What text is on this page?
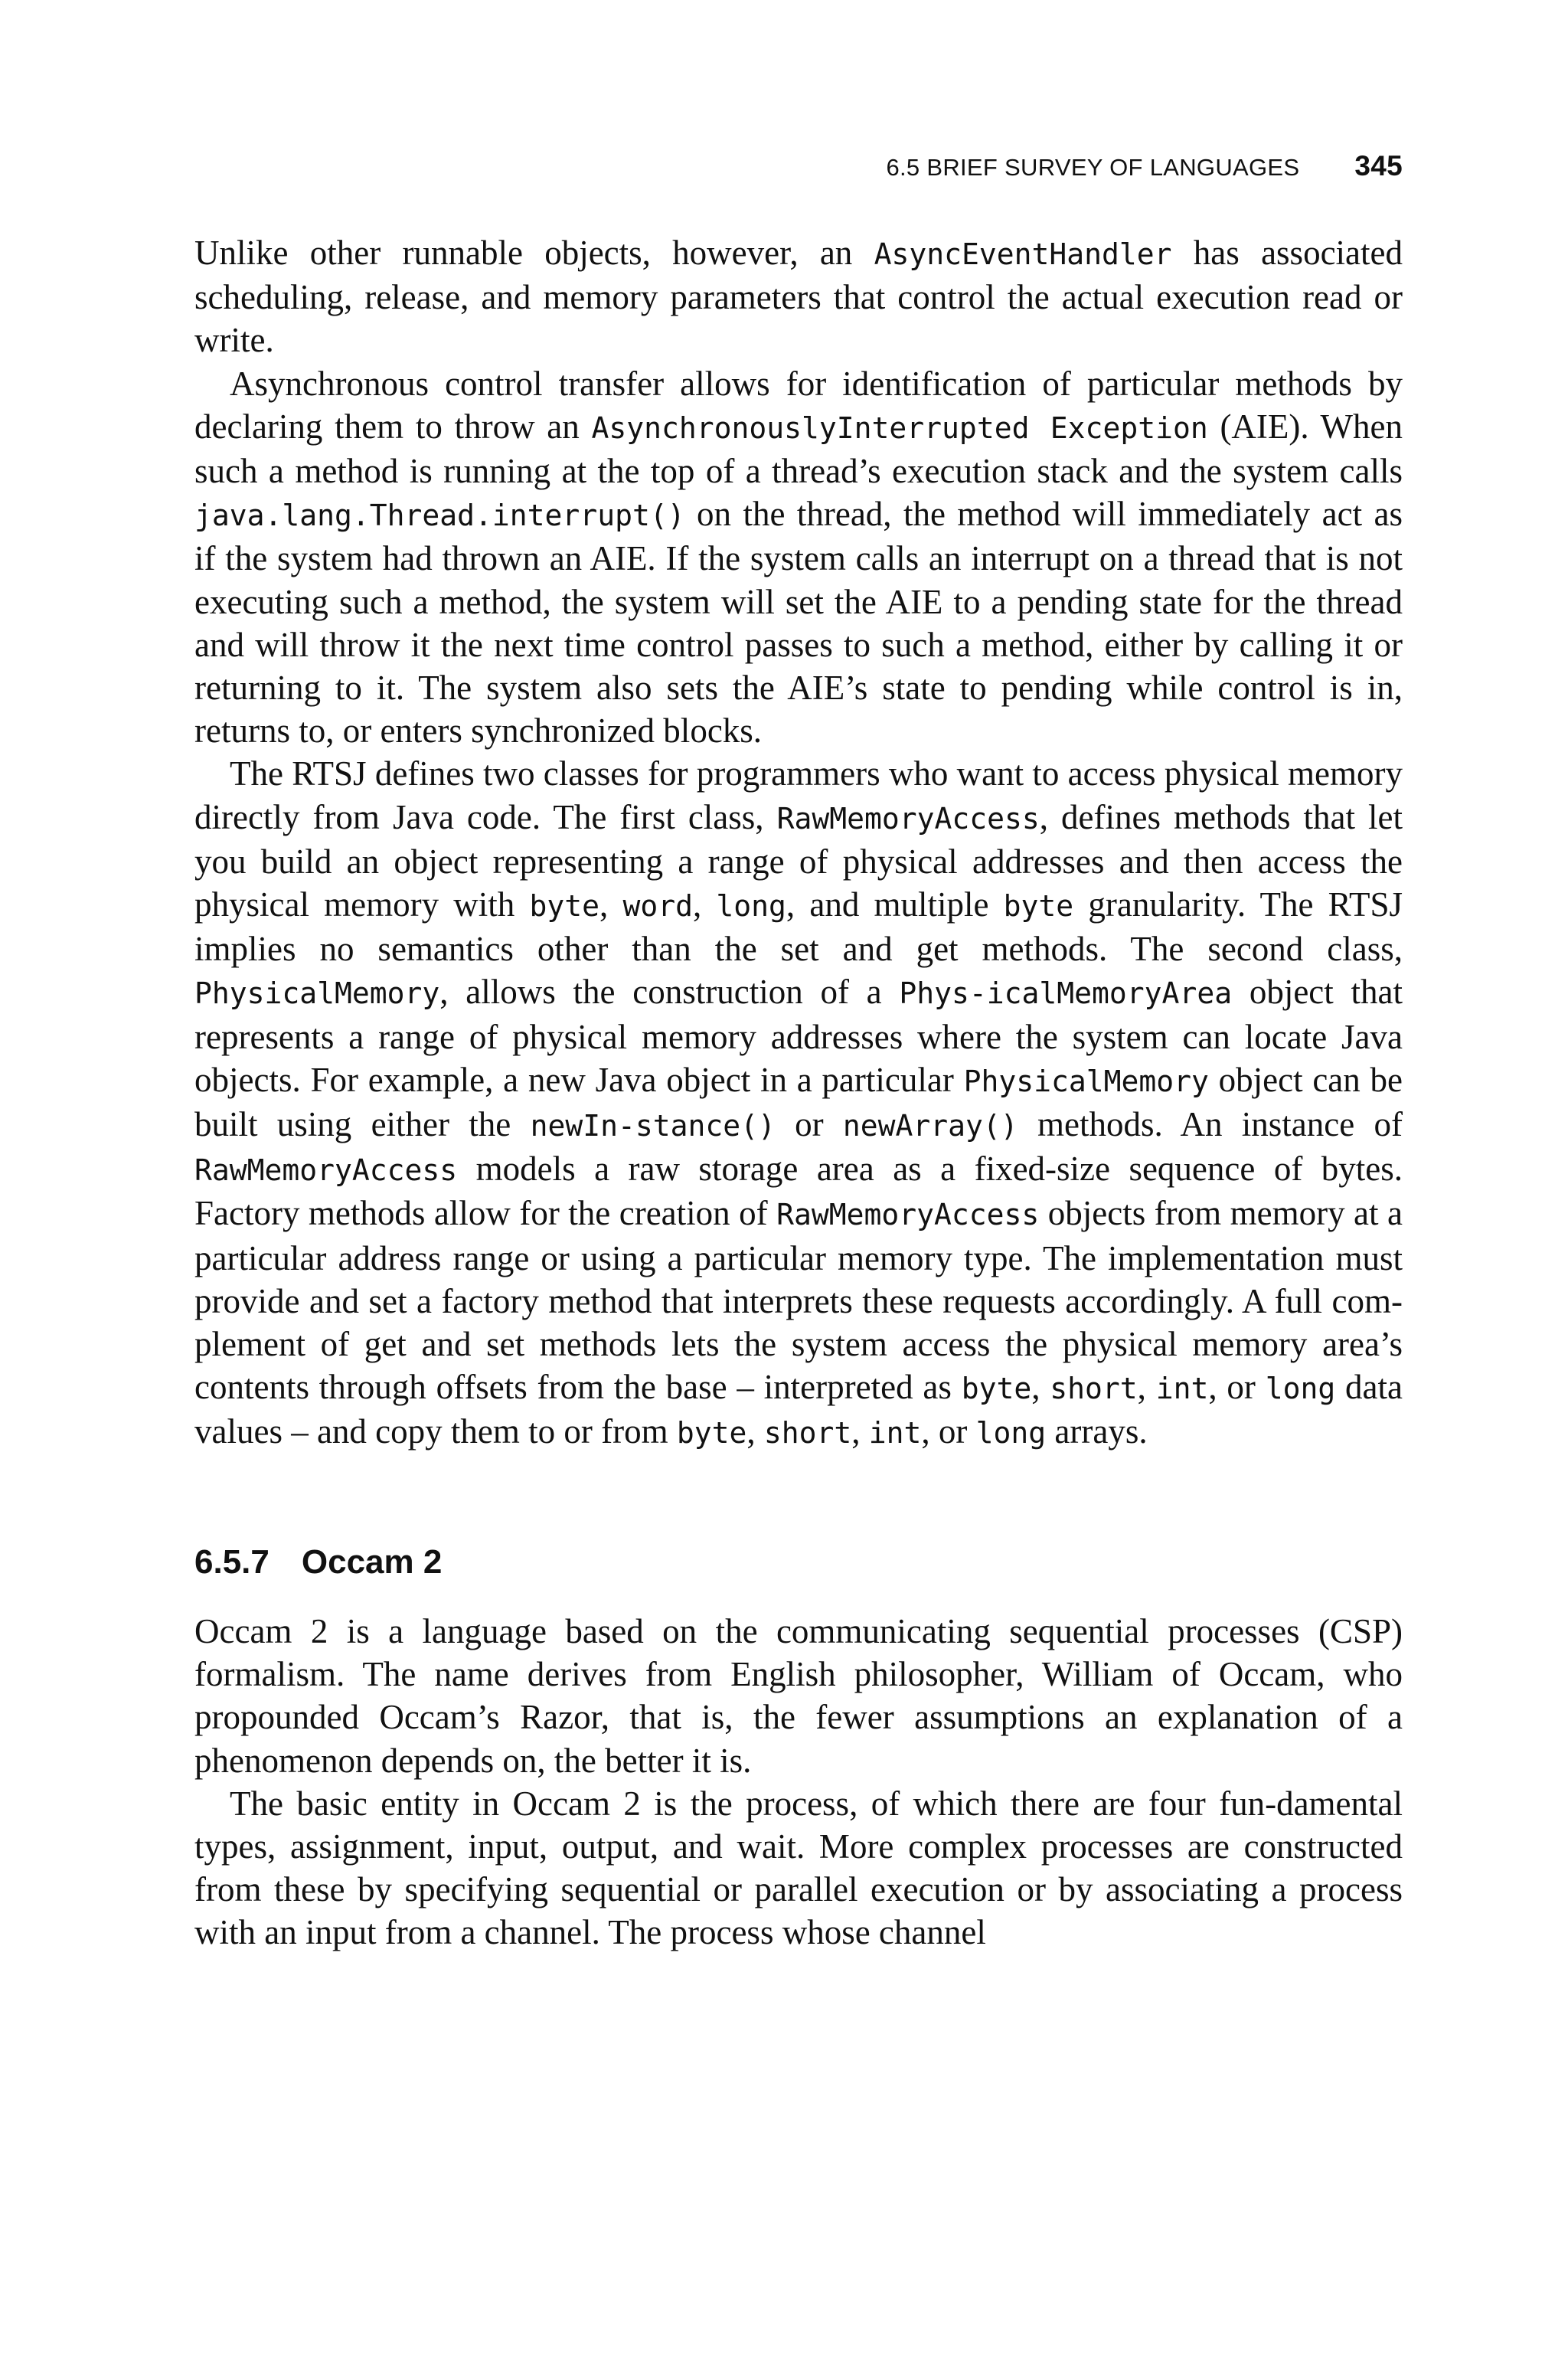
6.5 BRIEF SURVEY OF LANGUAGES 345

Unlike other runnable objects, however, an AsyncEventHandler has associated scheduling, release, and memory parameters that control the actual execution read or write.

Asynchronous control transfer allows for identification of particular methods by declaring them to throw an AsynchronouslyInterrupted Exception (AIE). When such a method is running at the top of a thread’s execution stack and the system calls java.lang.Thread.interrupt() on the thread, the method will immediately act as if the system had thrown an AIE. If the system calls an interrupt on a thread that is not executing such a method, the system will set the AIE to a pending state for the thread and will throw it the next time control passes to such a method, either by calling it or returning to it. The system also sets the AIE’s state to pending while control is in, returns to, or enters synchronized blocks.

The RTSJ defines two classes for programmers who want to access physical memory directly from Java code. The first class, RawMemoryAccess, defines methods that let you build an object representing a range of physical addresses and then access the physical memory with byte, word, long, and multiple byte granularity. The RTSJ implies no semantics other than the set and get methods. The second class, PhysicalMemory, allows the construction of a Phys-icalMemoryArea object that represents a range of physical memory addresses where the system can locate Java objects. For example, a new Java object in a particular PhysicalMemory object can be built using either the newIn-stance() or newArray() methods. An instance of RawMemoryAccess models a raw storage area as a fixed-size sequence of bytes. Factory methods allow for the creation of RawMemoryAccess objects from memory at a particular address range or using a particular memory type. The implementation must provide and set a factory method that interprets these requests accordingly. A full com-plement of get and set methods lets the system access the physical memory area’s contents through offsets from the base – interpreted as byte, short, int, or long data values – and copy them to or from byte, short, int, or long arrays.

6.5.7 Occam 2

Occam 2 is a language based on the communicating sequential processes (CSP) formalism. The name derives from English philosopher, William of Occam, who propounded Occam’s Razor, that is, the fewer assumptions an explanation of a phenomenon depends on, the better it is.

The basic entity in Occam 2 is the process, of which there are four fun-damental types, assignment, input, output, and wait. More complex processes are constructed from these by specifying sequential or parallel execution or by associating a process with an input from a channel. The process whose channel
